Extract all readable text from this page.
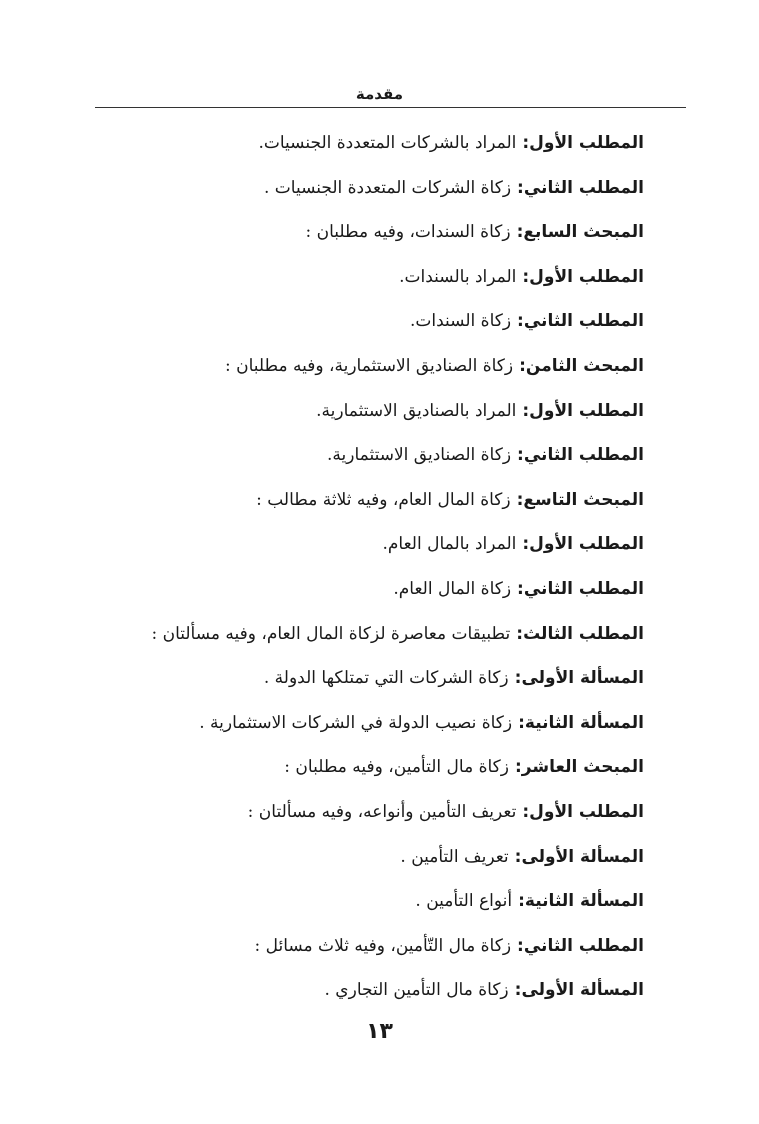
مقدمة
المطلب الأول:المراد بالشركات المتعددة الجنسيات.
المطلب الثاني:زكاة الشركات المتعددة الجنسيات .
المبحث السابع:زكاة السندات، وفيه مطلبان :
المطلب الأول:المراد بالسندات.
المطلب الثاني:زكاة السندات.
المبحث الثامن:زكاة الصناديق الاستثمارية، وفيه مطلبان :
المطلب الأول:المراد بالصناديق الاستثمارية.
المطلب الثاني:زكاة الصناديق الاستثمارية.
المبحث التاسع:زكاة المال العام، وفيه ثلاثة مطالب :
المطلب الأول:المراد بالمال العام.
المطلب الثاني:زكاة المال العام.
المطلب الثالث:تطبيقات معاصرة لزكاة المال العام، وفيه مسألتان :
المسألة الأولى:زكاة الشركات التي تمتلكها الدولة .
المسألة الثانية:زكاة نصيب الدولة في الشركات الاستثمارية .
المبحث العاشر:زكاة مال التأمين، وفيه مطلبان :
المطلب الأول:تعريف التأمين وأنواعه، وفيه مسألتان :
المسألة الأولى:تعريف التأمين .
المسألة الثانية:أنواع التأمين .
المطلب الثاني:زكاة مال التّأمين، وفيه ثلاث مسائل :
المسألة الأولى:زكاة مال التأمين التجاري .
١٣
